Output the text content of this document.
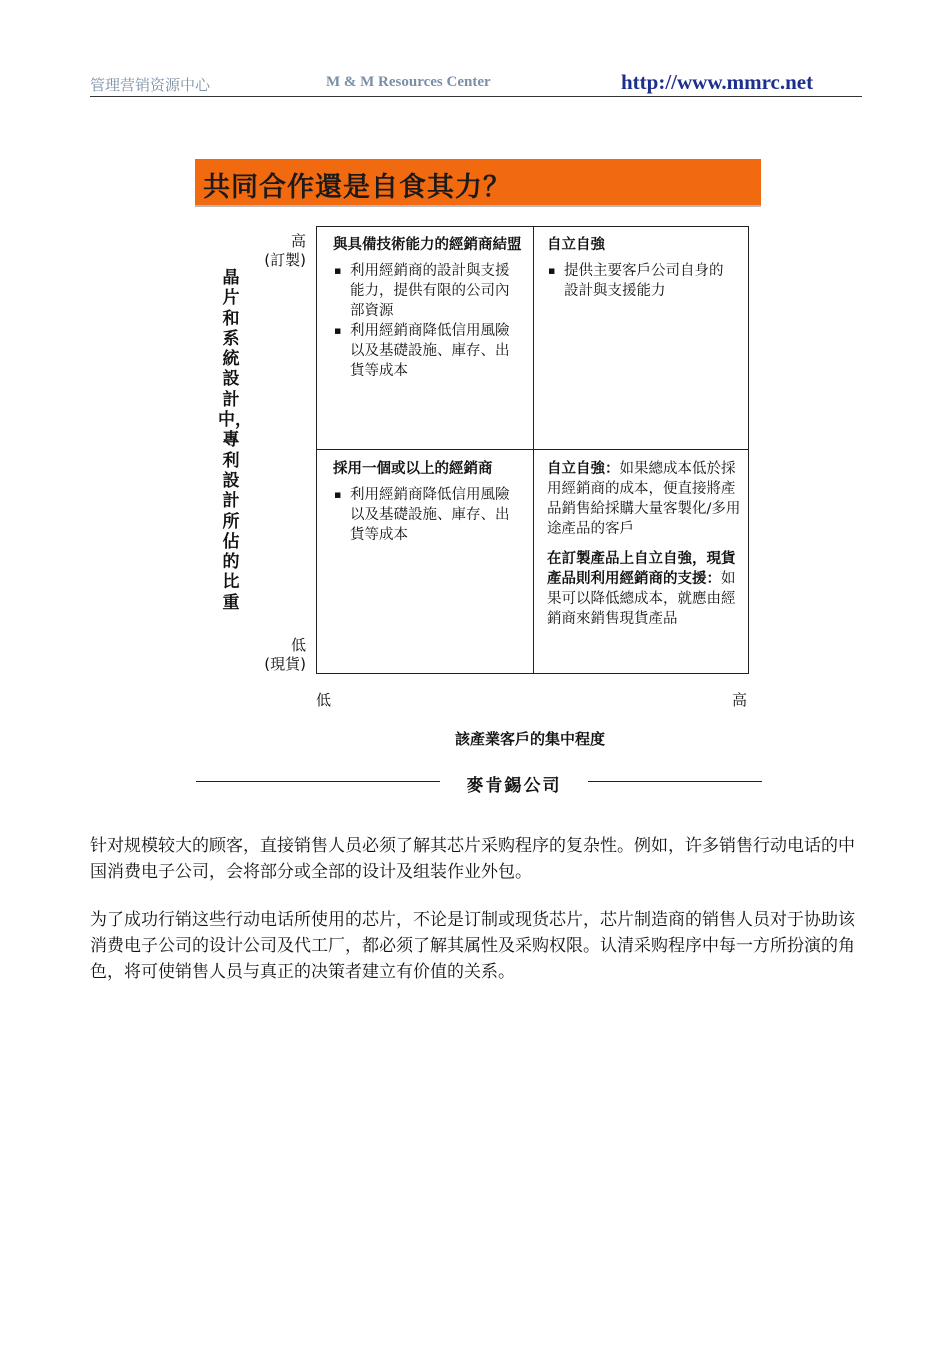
管理营销资源中心	M & M Resources Center	http://www.mmrc.net
共同合作還是自食其力？
晶片和系統設計中，專利設計所佔的比重
高
(訂製)
低
(現貨)
與具備技術能力的經銷商結盟
▪ 利用經銷商的設計與支援能力，提供有限的公司內部資源
▪ 利用經銷商降低信用風險以及基礎設施、庫存、出貨等成本
自立自強
▪ 提供主要客戶公司自身的設計與支援能力
採用一個或以上的經銷商
▪ 利用經銷商降低信用風險以及基礎設施、庫存、出貨等成本

自立自強：如果總成本低於採用經銷商的成本，便直接將產品銷售給採購大量客製化/多用途產品的客戶

在訂製產品上自立自強，現貨產品則利用經銷商的支援：如果可以降低總成本，就應由經銷商來銷售現貨產品

低	高
該產業客戶的集中程度
麥肯錫公司
针对规模较大的顾客，直接销售人员必须了解其芯片采购程序的复杂性。例如，许多销售行动电话的中国消费电子公司，会将部分或全部的设计及组装作业外包。
为了成功行销这些行动电话所使用的芯片，不论是订制或现货芯片，芯片制造商的销售人员对于协助该消费电子公司的设计公司及代工厂，都必须了解其属性及采购权限。认清采购程序中每一方所扮演的角色，将可使销售人员与真正的决策者建立有价值的关系。
